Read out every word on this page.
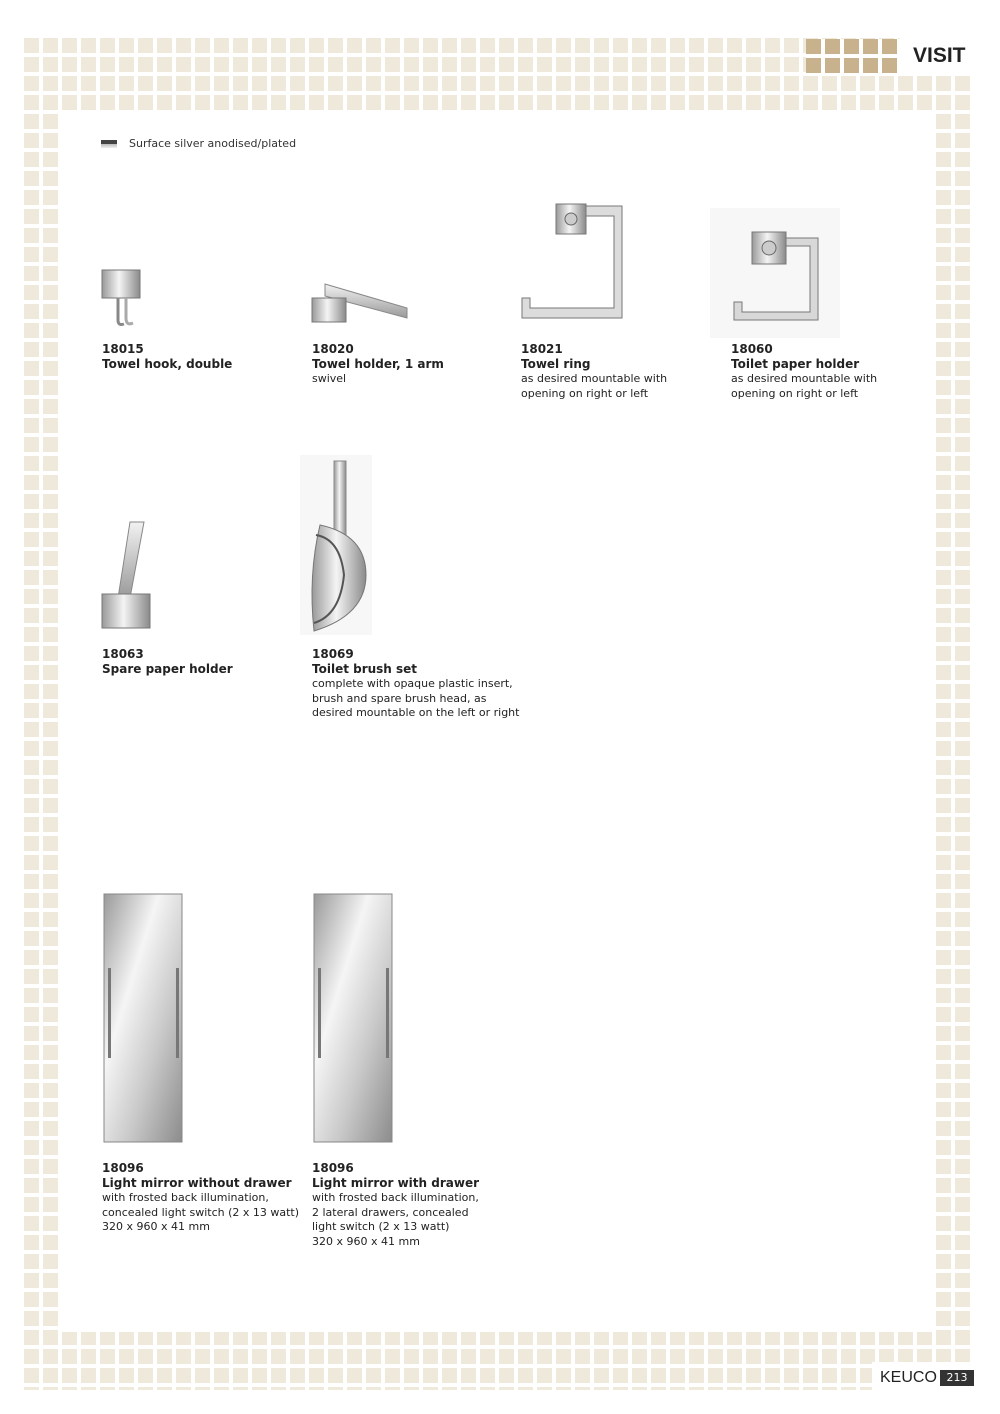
VISIT
Surface silver anodised/plated
18015
Towel hook, double
18020
Towel holder, 1 arm
swivel
18021
Towel ring
as desired mountable with
opening on right or left
18060
Toilet paper holder
as desired mountable with
opening on right or left
18063
Spare paper holder
18069
Toilet brush set
complete with opaque plastic insert,
brush and spare brush head, as
desired mountable on the left or right
18096
Light mirror without drawer
with frosted back illumination,
concealed light switch (2 x 13 watt)
320 x 960 x 41 mm
18096
Light mirror with drawer
with frosted back illumination,
2 lateral drawers, concealed
light switch (2 x 13 watt)
320 x 960 x 41 mm
KEUCO 213
